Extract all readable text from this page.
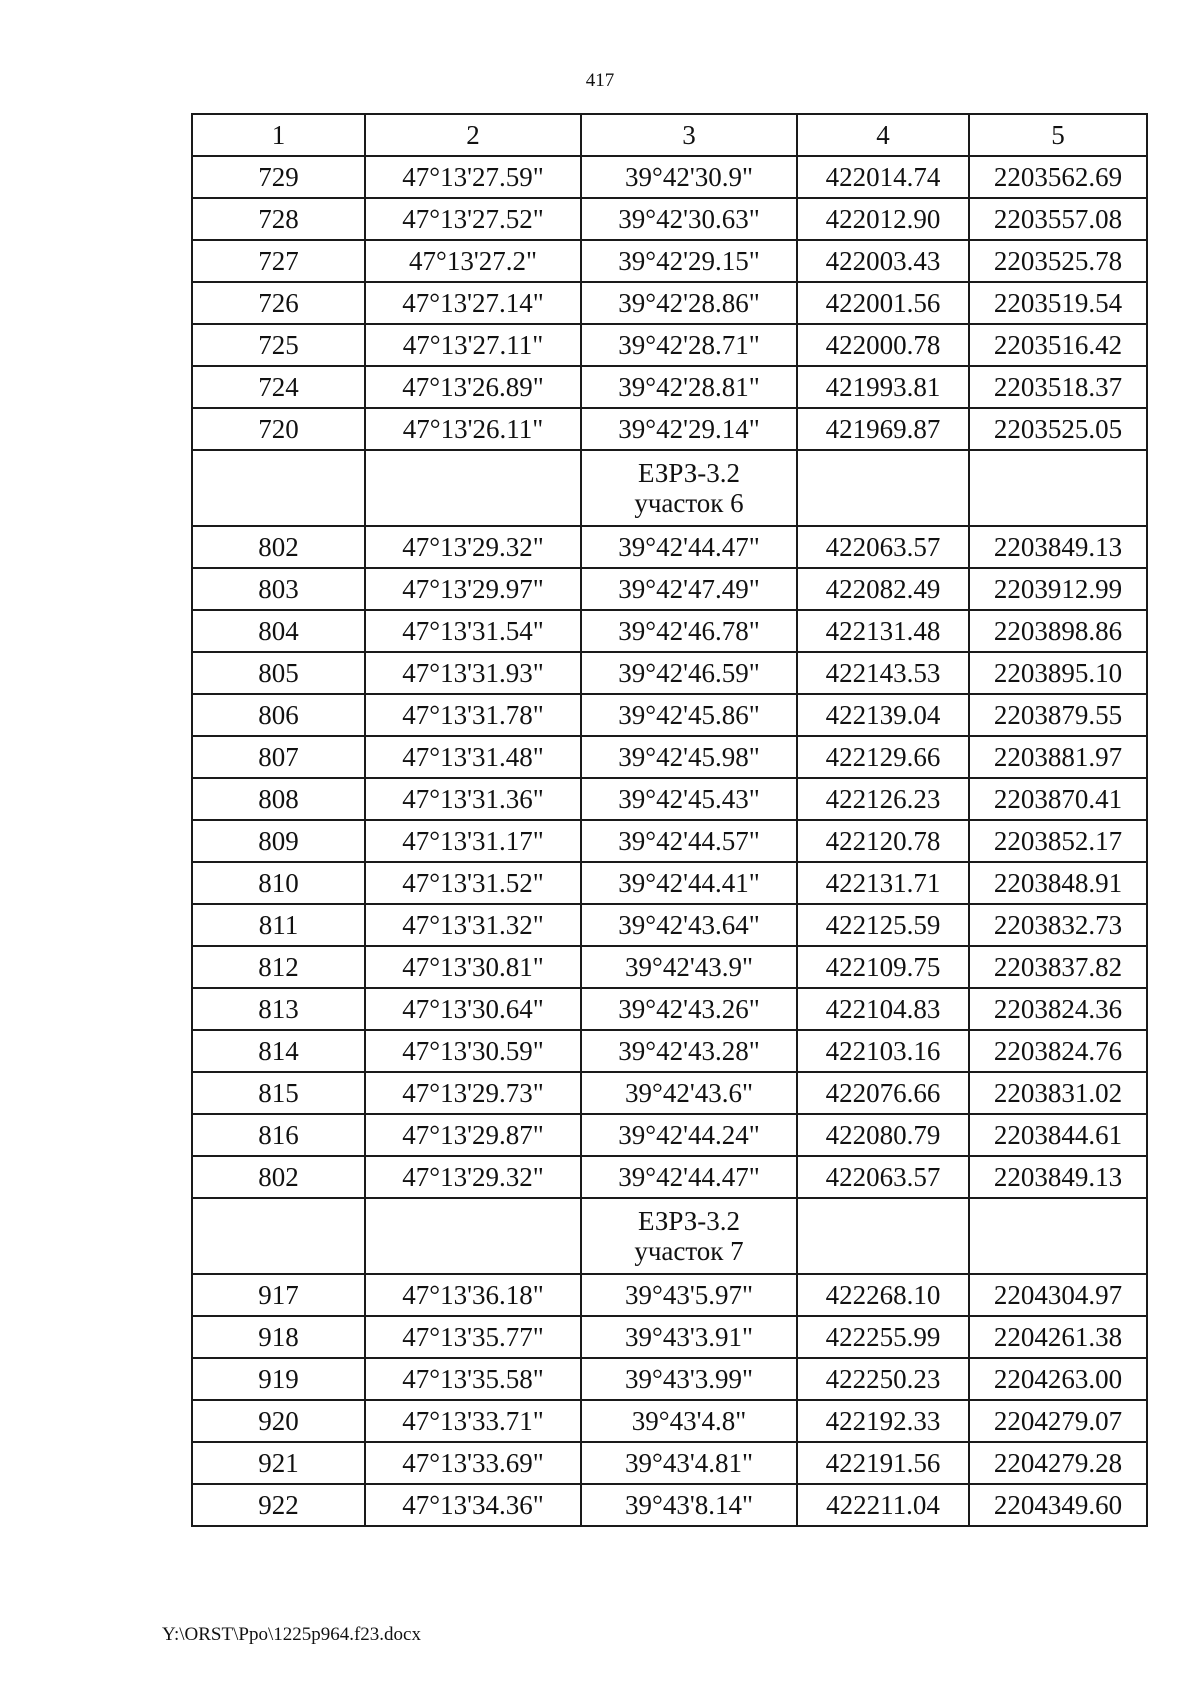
417
1	2	3	4	5
729	47°13'27.59"	39°42'30.9"	422014.74	2203562.69
728	47°13'27.52"	39°42'30.63"	422012.90	2203557.08
727	47°13'27.2"	39°42'29.15"	422003.43	2203525.78
726	47°13'27.14"	39°42'28.86"	422001.56	2203519.54
725	47°13'27.11"	39°42'28.71"	422000.78	2203516.42
724	47°13'26.89"	39°42'28.81"	421993.81	2203518.37
720	47°13'26.11"	39°42'29.14"	421969.87	2203525.05

		ЕЗРЗ-3.2
участок 6		

802	47°13'29.32"	39°42'44.47"	422063.57	2203849.13
803	47°13'29.97"	39°42'47.49"	422082.49	2203912.99
804	47°13'31.54"	39°42'46.78"	422131.48	2203898.86
805	47°13'31.93"	39°42'46.59"	422143.53	2203895.10
806	47°13'31.78"	39°42'45.86"	422139.04	2203879.55
807	47°13'31.48"	39°42'45.98"	422129.66	2203881.97
808	47°13'31.36"	39°42'45.43"	422126.23	2203870.41
809	47°13'31.17"	39°42'44.57"	422120.78	2203852.17
810	47°13'31.52"	39°42'44.41"	422131.71	2203848.91
811	47°13'31.32"	39°42'43.64"	422125.59	2203832.73
812	47°13'30.81"	39°42'43.9"	422109.75	2203837.82
813	47°13'30.64"	39°42'43.26"	422104.83	2203824.36
814	47°13'30.59"	39°42'43.28"	422103.16	2203824.76
815	47°13'29.73"	39°42'43.6"	422076.66	2203831.02
816	47°13'29.87"	39°42'44.24"	422080.79	2203844.61
802	47°13'29.32"	39°42'44.47"	422063.57	2203849.13

		ЕЗРЗ-3.2
участок 7		

917	47°13'36.18"	39°43'5.97"	422268.10	2204304.97
918	47°13'35.77"	39°43'3.91"	422255.99	2204261.38
919	47°13'35.58"	39°43'3.99"	422250.23	2204263.00
920	47°13'33.71"	39°43'4.8"	422192.33	2204279.07
921	47°13'33.69"	39°43'4.81"	422191.56	2204279.28
922	47°13'34.36"	39°43'8.14"	422211.04	2204349.60
Y:\ORST\Ppo\1225p964.f23.docx
